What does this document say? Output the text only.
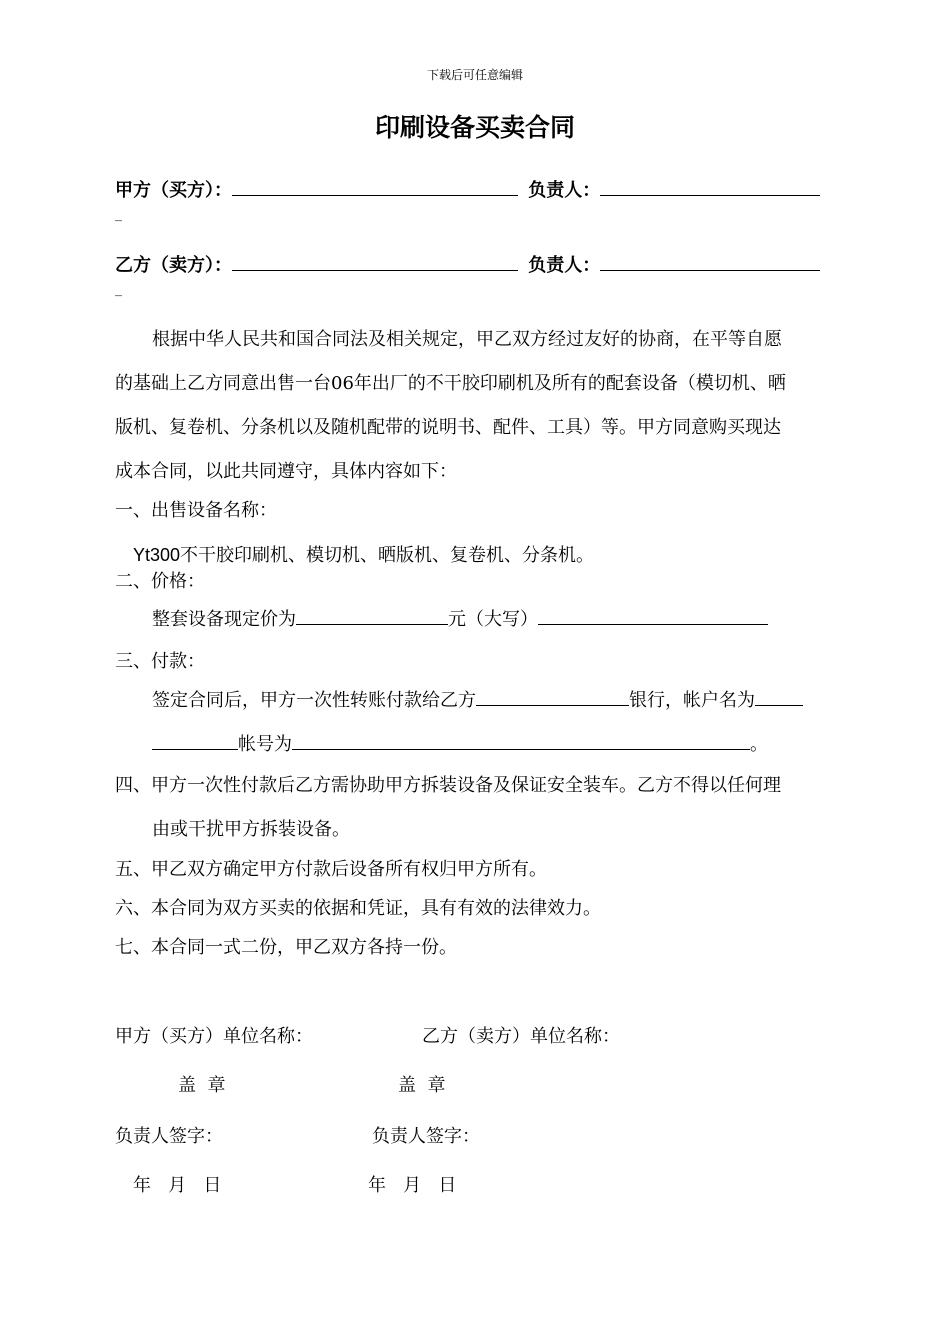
下载后可任意编辑
印刷设备买卖合同
甲方（买方）：	负责人：
_
乙方（卖方）：	负责人：
_
根据中华人民共和国合同法及相关规定，甲乙双方经过友好的协商，在平等自愿
的基础上乙方同意出售一台06年出厂的不干胶印刷机及所有的配套设备（模切机、晒
版机、复卷机、分条机以及随机配带的说明书、配件、工具）等。甲方同意购买现达
成本合同，以此共同遵守，具体内容如下：
一、出售设备名称：
Yt300不干胶印刷机、模切机、晒版机、复卷机、分条机。
二、价格：
整套设备现定价为	元（大写）
三、付款：
签定合同后，甲方一次性转账付款给乙方	银行，帐户名为
帐号为	。
四、甲方一次性付款后乙方需协助甲方拆装设备及保证安全装车。乙方不得以任何理
由或干扰甲方拆装设备。
五、甲乙双方确定甲方付款后设备所有权归甲方所有。
六、本合同为双方买卖的依据和凭证，具有有效的法律效力。
七、本合同一式二份，甲乙双方各持一份。
甲方（买方）单位名称：	乙方（卖方）单位名称：
盖  章	盖  章
负责人签字：	负责人签字：
年   月   日	年   月   日
